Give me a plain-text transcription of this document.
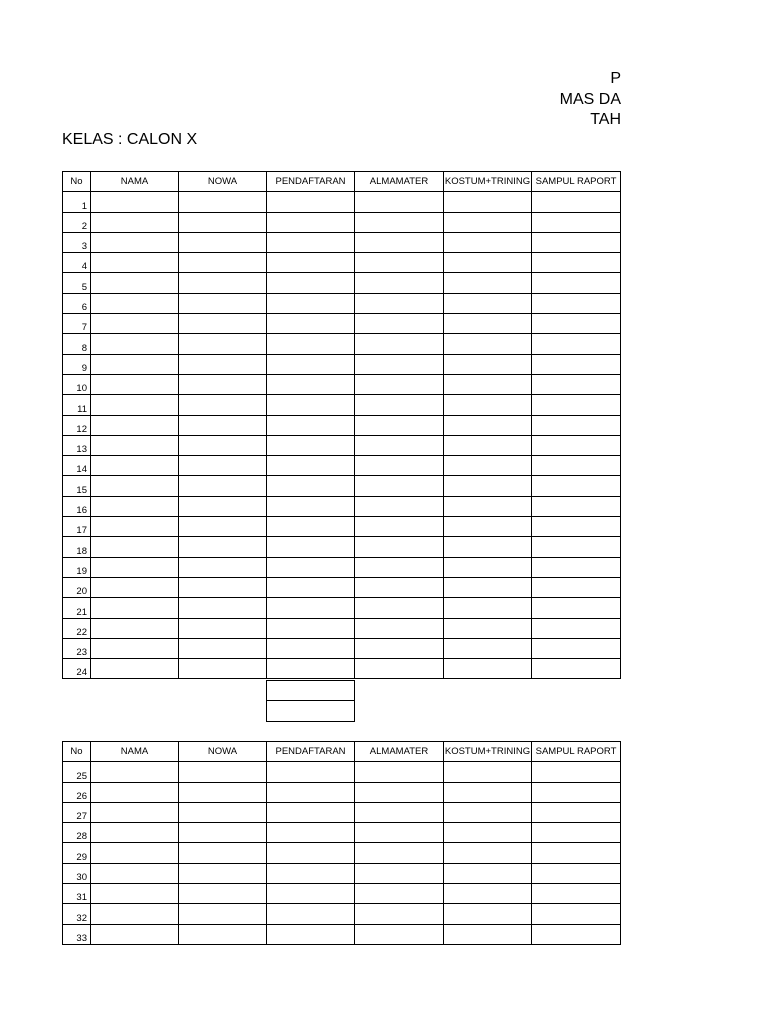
P
MAS DA
TAH
KELAS : CALON X
No	NAMA	NOWA	PENDAFTARAN	ALMAMATER	KOSTUM+TRINING	SAMPUL RAPORT
1						
2						
3						
4						
5						
6						
7						
8						
9						
10						
11						
12						
13						
14						
15						
16						
17						
18						
19						
20						
21						
22						
23						
24						

No	NAMA	NOWA	PENDAFTARAN	ALMAMATER	KOSTUM+TRINING	SAMPUL RAPORT
25						
26						
27						
28						
29						
30						
31						
32						
33						
